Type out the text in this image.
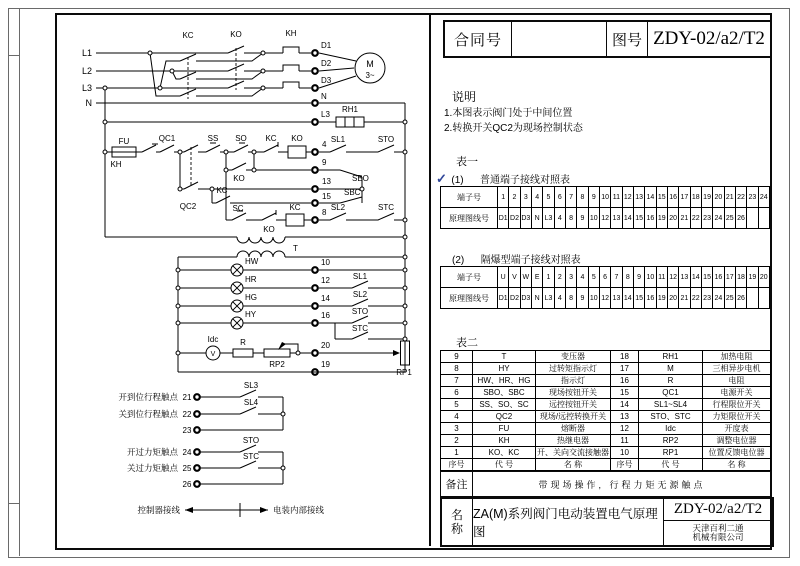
合同号	图号 ZDY-02/a2/T2
说明
1.本图表示阀门处于中间位置
2.转换开关QC2为现场控制状态
表一
✓ (1) 普通端子接线对照表
端子号	1	2	3	4	5	6	7	8	9	10	11	12	13	14	15	16	17	18	19	20	21	22	23	24
原理图线号	D1	D2	D3	N	L3	4	8	9	10	12	13	14	15	16	19	20	21	22	23	24	25	26		
(2) 隔爆型端子接线对照表
端子号	U	V	W	E	1	2	3	4	5	6	7	8	9	10	11	12	13	14	15	16	17	18	19	20
原理图线号	D1	D2	D3	N	L3	4	8	9	10	12	13	14	15	16	19	20	21	22	23	24	25	26		
表二
9	T	变压器	18	RH1	加热电阻
8	HY	过转矩指示灯	17	M	三相异步电机
7	HW、HR、HG	指示灯	16	R	电阻
6	SBO、SBC	现场按钮开关	15	QC1	电源开关
5	SS、SO、SC	远控按钮开关	14	SL1~SL4	行程限位开关
4	QC2	现场/远控转换开关	13	STO、STC	力矩限位开关
3	FU	熔断器	12	Idc	开度表
2	KH	热继电器	11	RP2	调整电位器
1	KO、KC	开、关向交流接触器	10	RP1	位置反馈电位器
序号	代 号	名 称	序号	代 号	名 称
备注	带现场操作, 行程力矩无源触点
名称
ZA(M)系列阀门电动装置电气原理图
ZDY-02/a2/T2
天津百利二通
机械有限公司
L1
L2
L3
N
KC	KO	KH
D1
D2
D3
N
L3
RH1
M
3~
FU
KH
QC1
QC2
SS SO KC KO
4
SL1	STO
KO
9
SBO
13
KC
15 SBC
SC
KO
KC
8
SL2	STC
T
HW
HR
HG
HY
10
12
14
16
SL1
SL2
STO
STC
Idc
V
R
RP2
20
RP1
19
开到位行程触点 21
关到位行程触点 22
23
SL3
SL4
开过力矩触点 24
关过力矩触点 25
26
STO
STC
控制器接线	电装内部接线
